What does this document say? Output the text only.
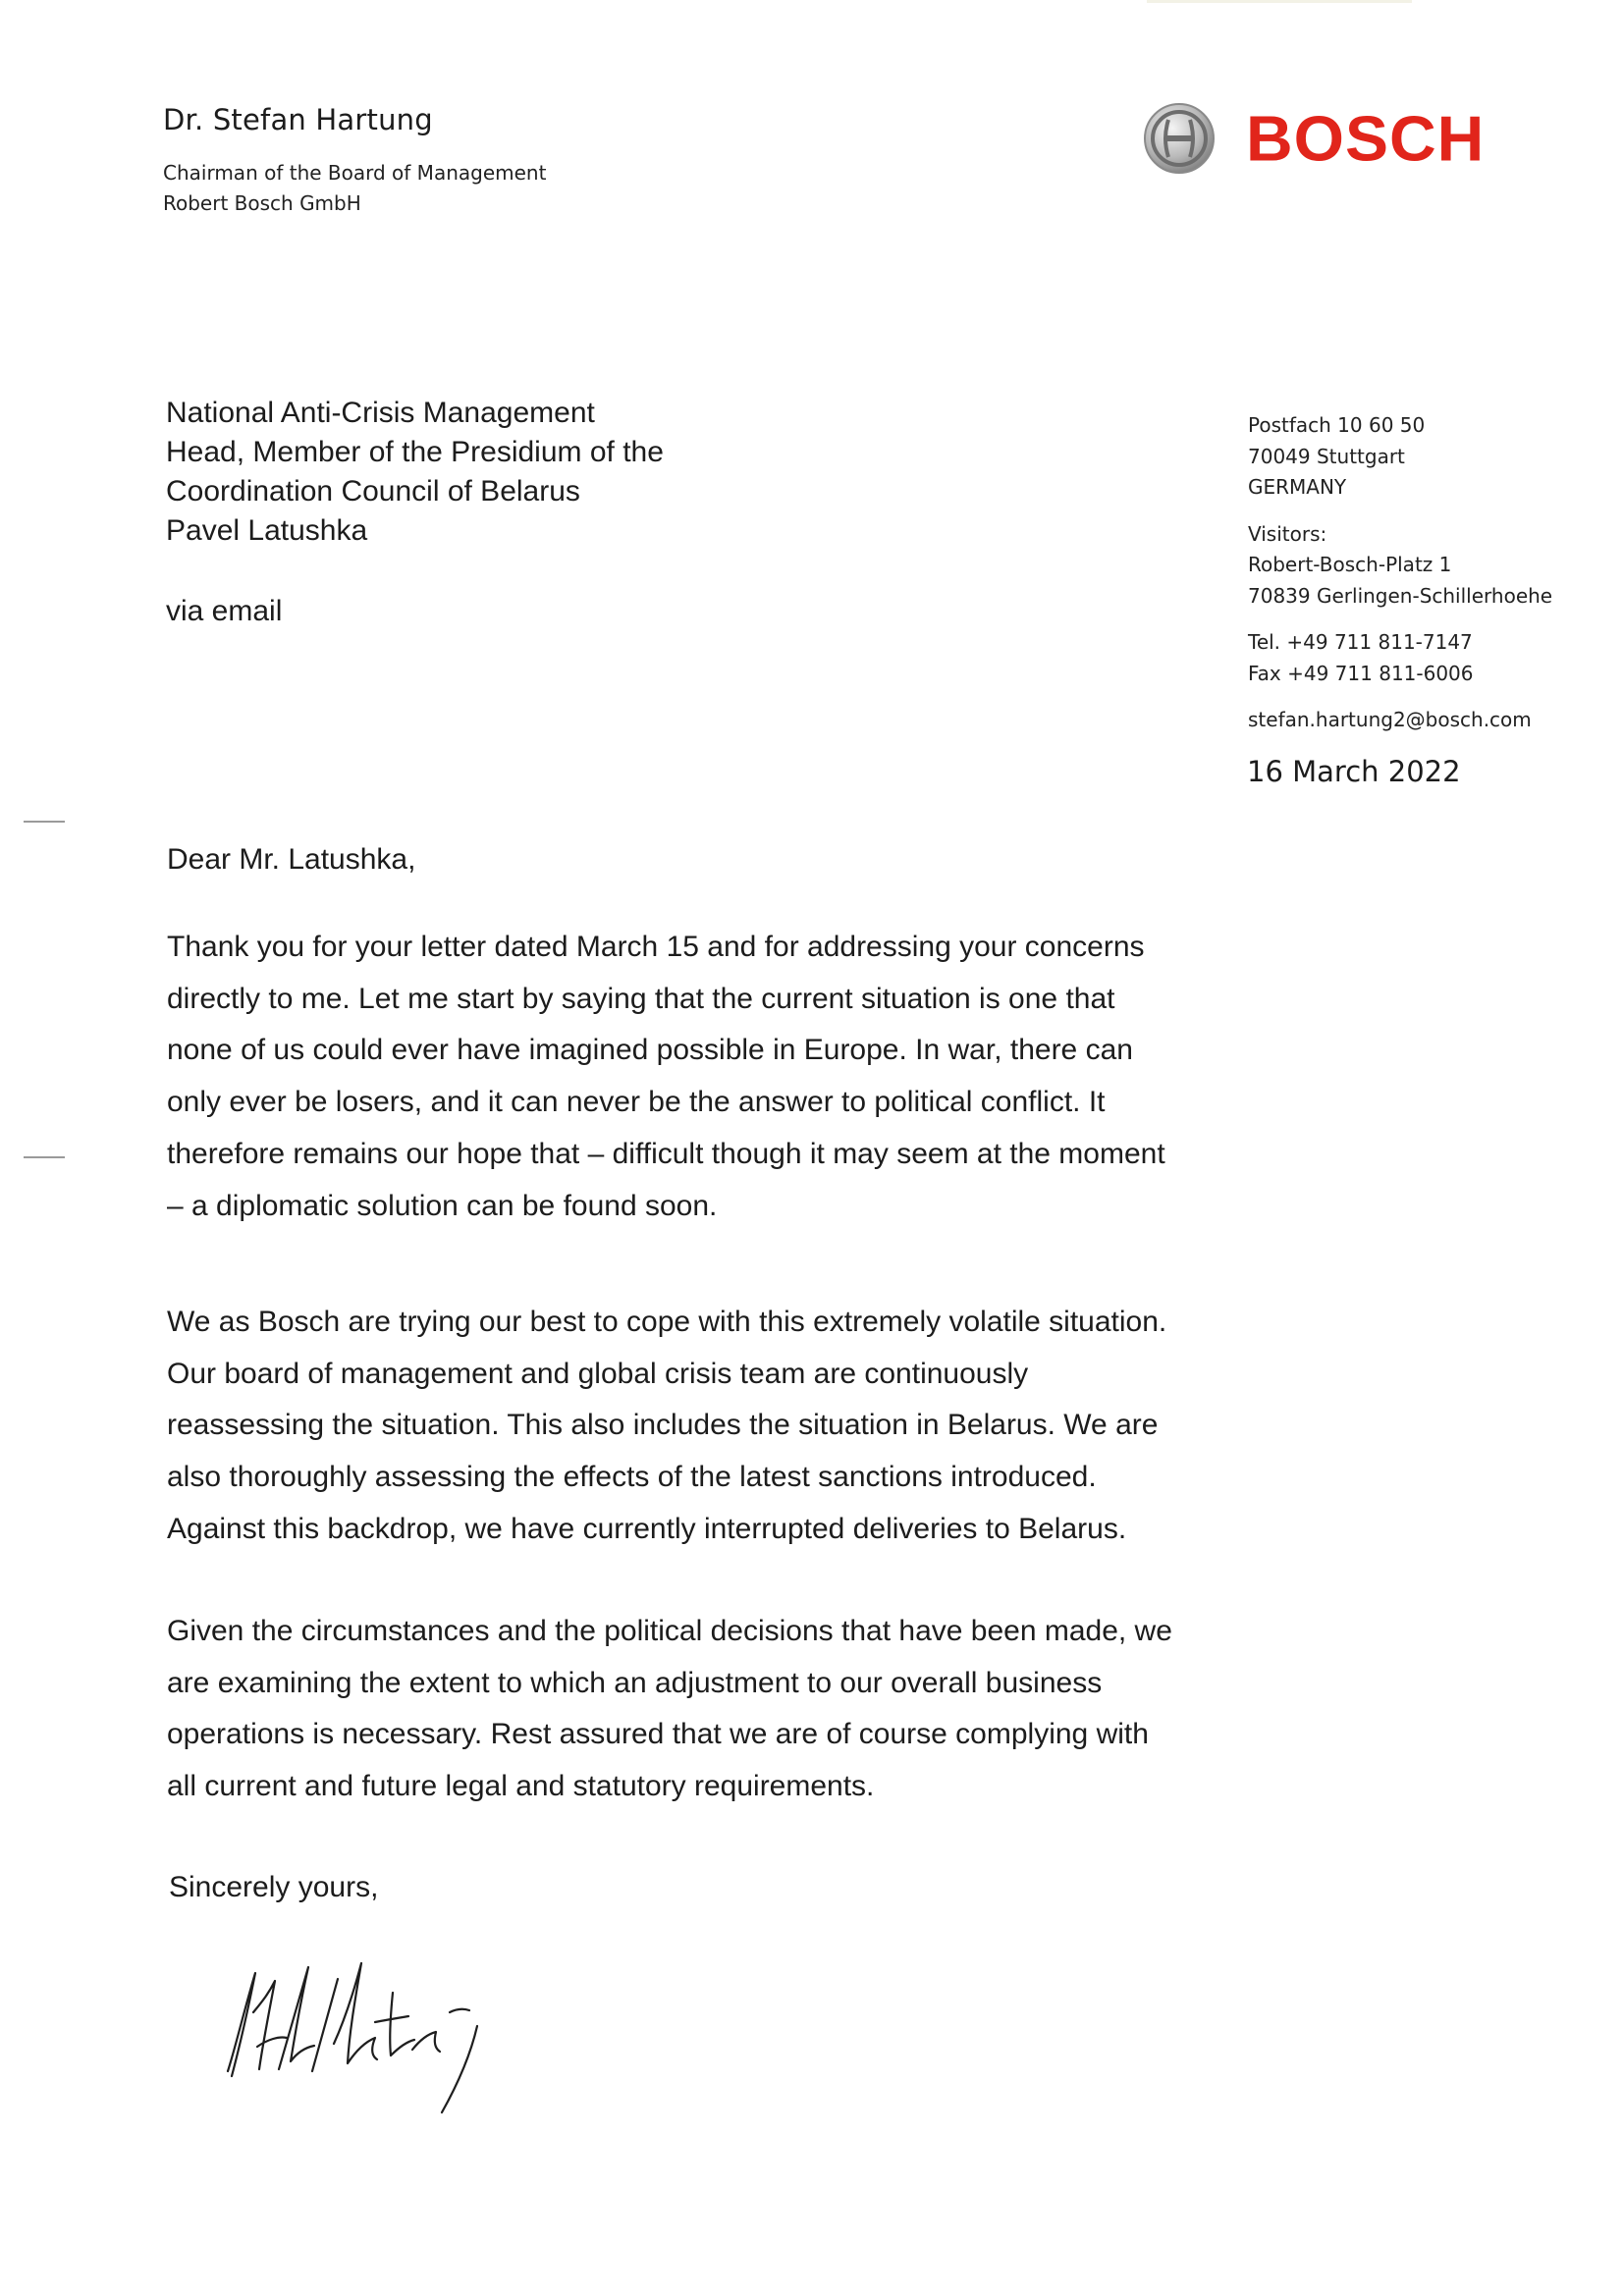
Dr. Stefan Hartung
Chairman of the Board of Management
Robert Bosch GmbH
BOSCH
National Anti-Crisis Management
Head, Member of the Presidium of the
Coordination Council of Belarus
Pavel Latushka
via email
Postfach 10 60 50
70049 Stuttgart
GERMANY
Visitors:
Robert-Bosch-Platz 1
70839 Gerlingen-Schillerhoehe
Tel. +49 711 811-7147
Fax +49 711 811-6006
stefan.hartung2@bosch.com
16 March 2022
Dear Mr. Latushka,
Thank you for your letter dated March 15 and for addressing your concerns
directly to me. Let me start by saying that the current situation is one that
none of us could ever have imagined possible in Europe. In war, there can
only ever be losers, and it can never be the answer to political conflict. It
therefore remains our hope that – difficult though it may seem at the moment
– a diplomatic solution can be found soon.
We as Bosch are trying our best to cope with this extremely volatile situation.
Our board of management and global crisis team are continuously
reassessing the situation. This also includes the situation in Belarus. We are
also thoroughly assessing the effects of the latest sanctions introduced.
Against this backdrop, we have currently interrupted deliveries to Belarus.
Given the circumstances and the political decisions that have been made, we
are examining the extent to which an adjustment to our overall business
operations is necessary. Rest assured that we are of course complying with
all current and future legal and statutory requirements.
Sincerely yours,
